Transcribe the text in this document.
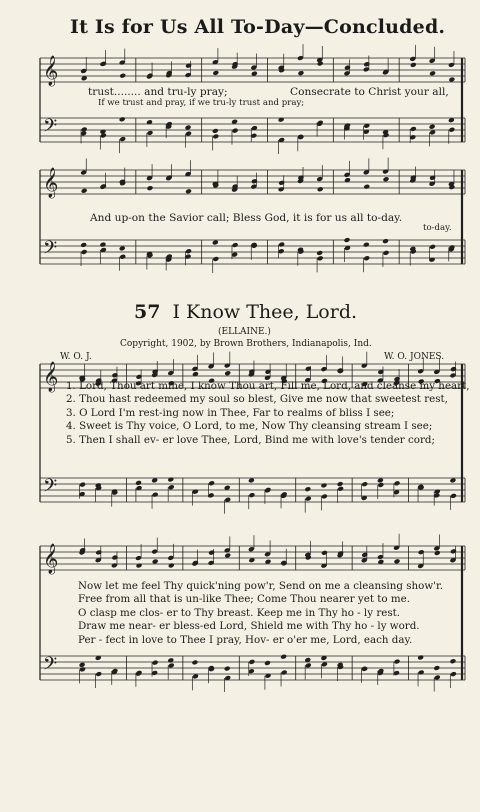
𝄞
𝄢
𝄞
𝄢
𝄞
𝄢
𝄞
𝄢
It Is for Us All To-Day—Concluded.
trust........ and tru-ly pray;	Consecrate to Christ your all,
If we trust and pray, if we tru-ly trust and pray;
And up-on the Savior call; Bless God, it is for us all to-day.
to-day.
57 I Know Thee, Lord.
(ELLAINE.)
Copyright, 1902, by Brown Brothers, Indianapolis, Ind.
W. O. J.	W. O. JONES.
1. Lord, Thou art mine, I know Thou art, Fill me, Lord, and cleanse my heart,
2. Thou hast redeemed my soul so blest, Give me now that sweetest rest,
3. O Lord I'm rest-ing now in Thee, Far to realms of bliss I see;
4. Sweet is Thy voice, O Lord, to me, Now Thy cleansing stream I see;
5. Then I shall ev- er love Thee, Lord, Bind me with love's tender cord;
Now let me feel Thy quick'ning pow'r, Send on me a cleansing show'r.
Free from all that is un-like Thee; Come Thou nearer yet to me.
O clasp me clos- er to Thy breast. Keep me in Thy ho - ly rest.
Draw me near- er bless-ed Lord, Shield me with Thy ho - ly word.
Per - fect in love to Thee I pray, Hov- er o'er me, Lord, each day.
